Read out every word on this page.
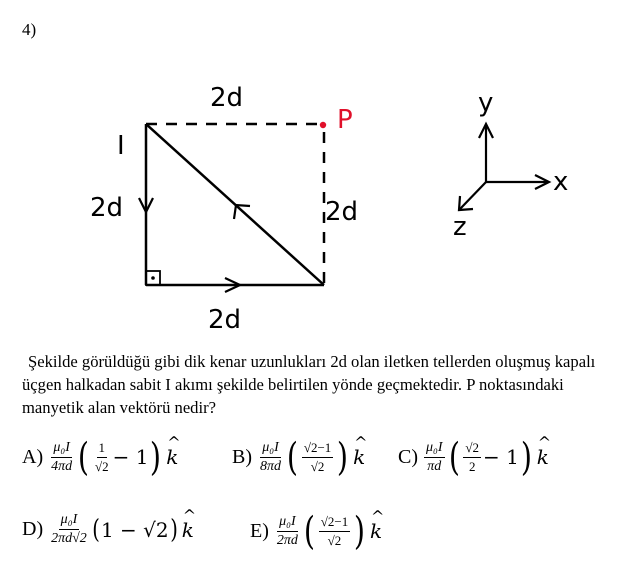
4)
2d
2d	2d
2d
I
P
y
x
z
Şekilde görüldüğü gibi dik kenar uzunlukları 2d olan iletken tellerden oluşmuş kapalı üçgen halkadan sabit I akımı şekilde belirtilen yönde geçmektedir. P noktasındaki manyetik alan vektörü nedir?
$A) \frac{\text{μ₀I}}{4\pi d}$ ( $\frac{1}{√2} - 1$ ) ^ k	$B) \frac{\text{μ₀I}}{8\pi d}$ ( $\frac{√2-1}{√2}$ ) ^ k $C) \frac{\text{μ₀I}}{\pi d}$ ( $\frac{√2}{2} - 1$ ) ^ k
$D) \frac{\text{μ₀I}}{2\pi d√2}$ ( 1 − √2 ) ^ k	$E) \frac{\text{μ₀I}}{2\pi d}$ ( $\frac{√2-1}{√2}$ ) ^ k
